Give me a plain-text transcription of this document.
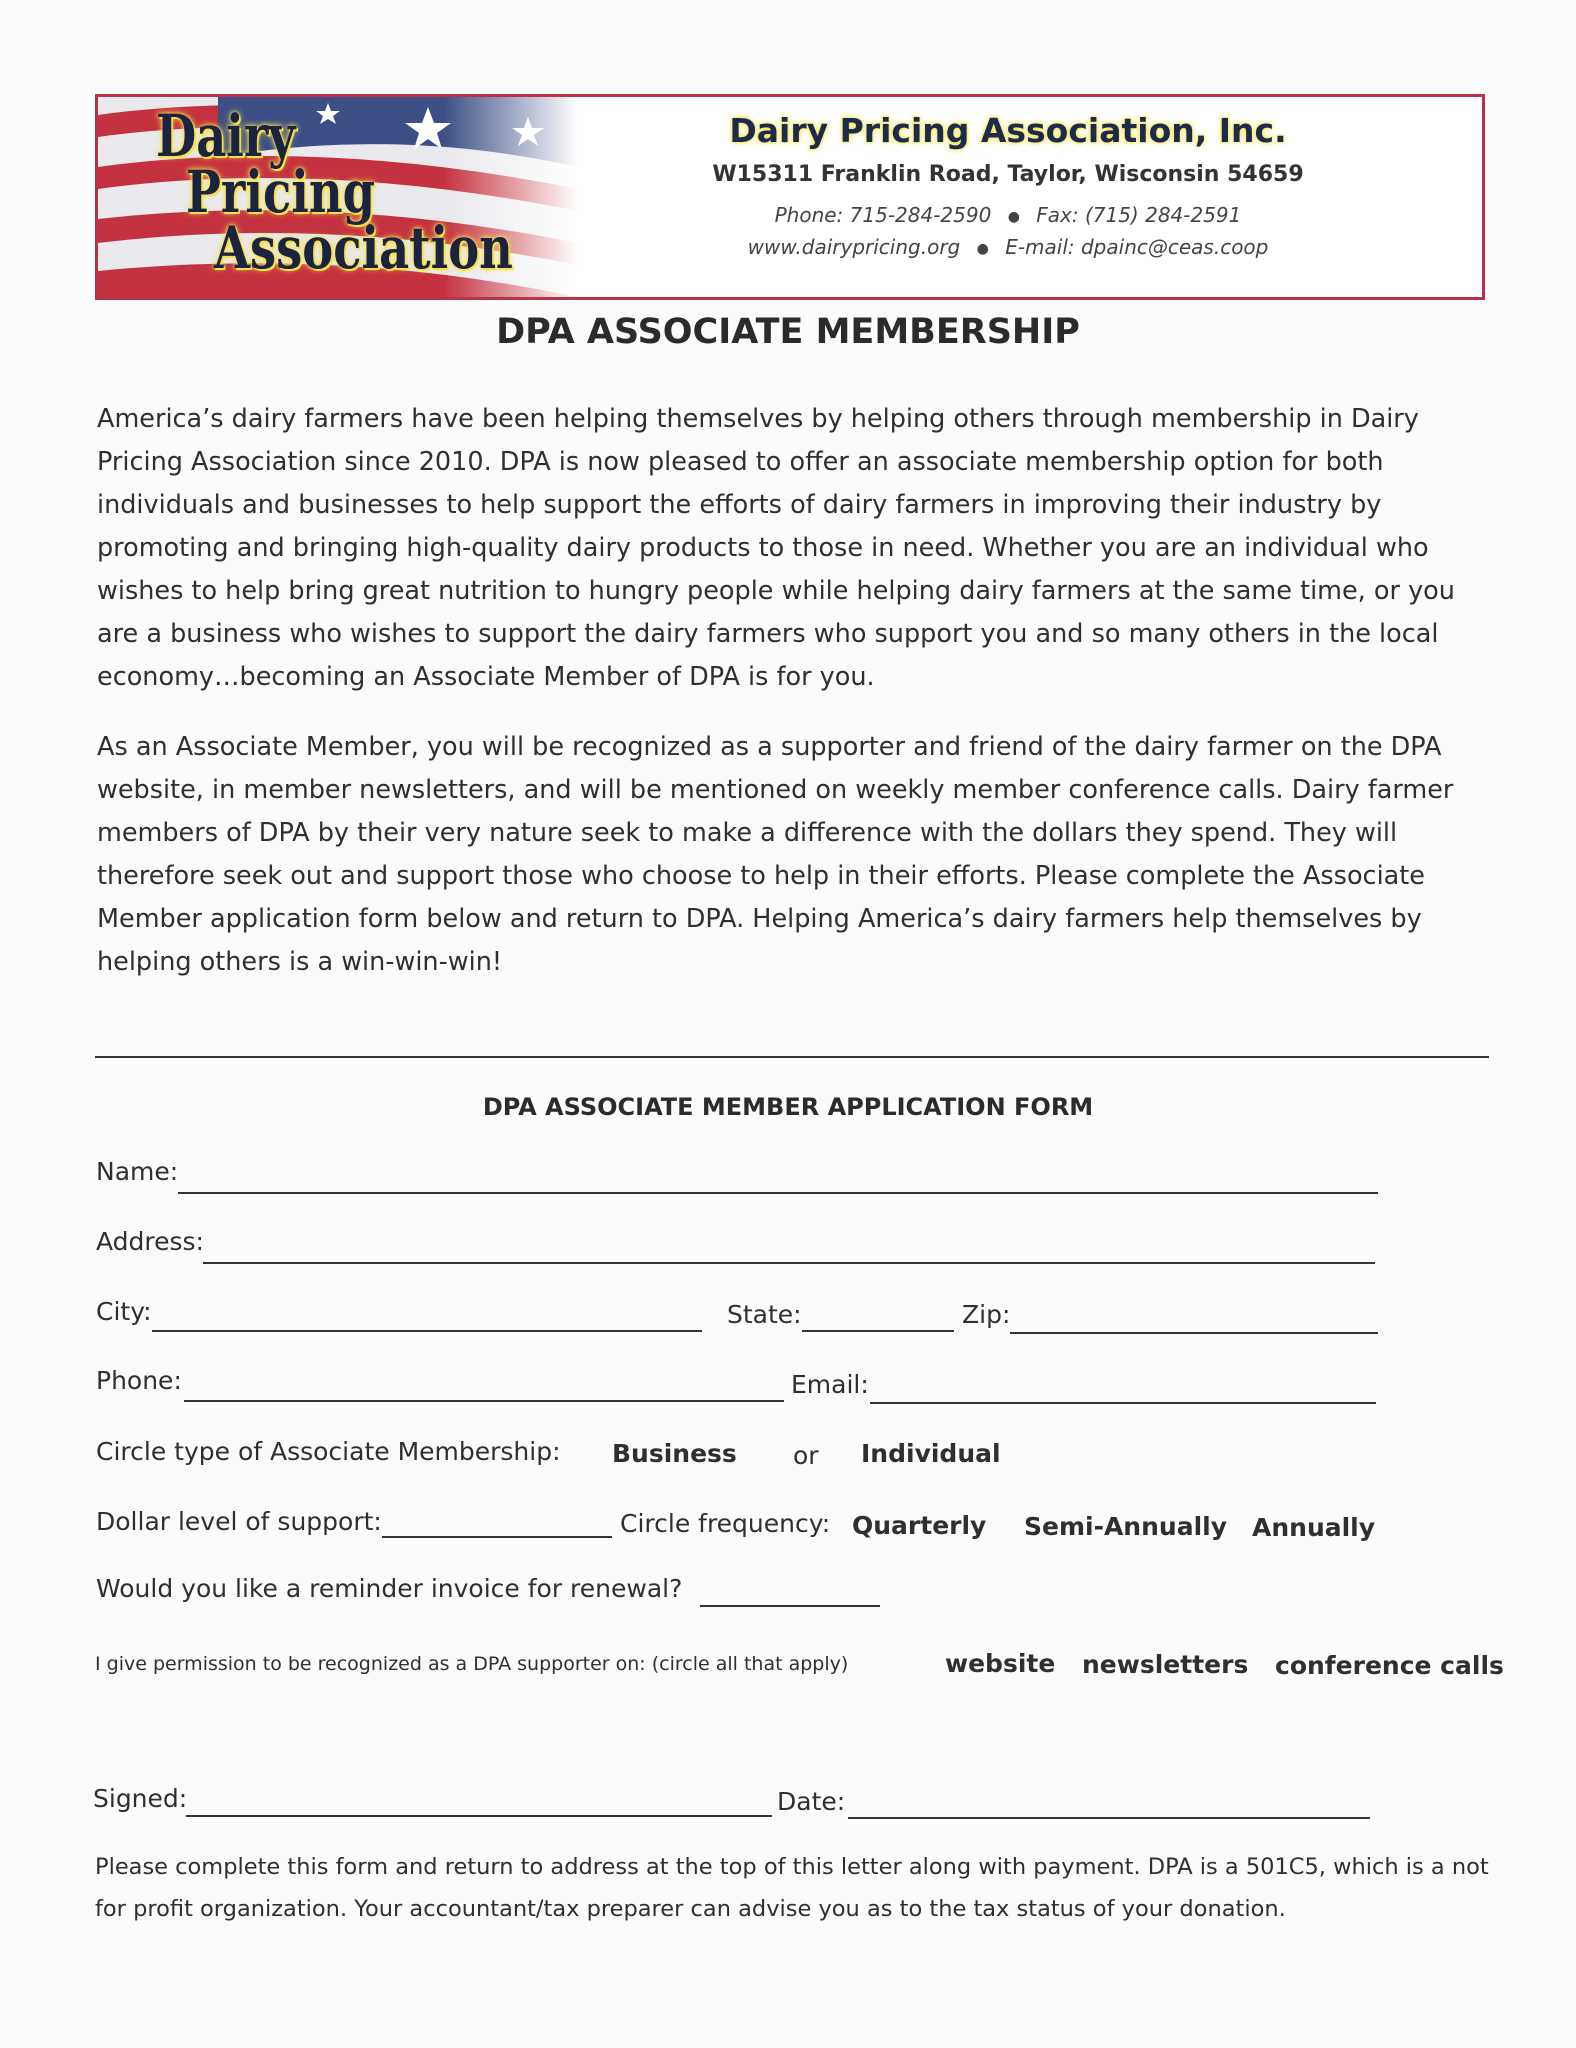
Dairy
Pricing
Association

Dairy Pricing Association, Inc.

W15311 Franklin Road, Taylor, Wisconsin 54659

Phone: 715-284-2590 ● Fax: (715) 284-2591

www.dairypricing.org ● E-mail: dpainc@ceas.coop

DPA ASSOCIATE MEMBERSHIP

America’s dairy farmers have been helping themselves by helping others through membership in Dairy Pricing Association since 2010. DPA is now pleased to offer an associate membership option for both individuals and businesses to help support the efforts of dairy farmers in improving their industry by promoting and bringing high-quality dairy products to those in need. Whether you are an individual who wishes to help bring great nutrition to hungry people while helping dairy farmers at the same time, or you are a business who wishes to support the dairy farmers who support you and so many others in the local economy…becoming an Associate Member of DPA is for you.

As an Associate Member, you will be recognized as a supporter and friend of the dairy farmer on the DPA website, in member newsletters, and will be mentioned on weekly member conference calls. Dairy farmer members of DPA by their very nature seek to make a difference with the dollars they spend. They will therefore seek out and support those who choose to help in their efforts. Please complete the Associate Member application form below and return to DPA. Helping America’s dairy farmers help themselves by helping others is a win-win-win!

DPA ASSOCIATE MEMBER APPLICATION FORM
Name:
Address:
City:	State:	Zip:
Phone:	Email:
Circle type of Associate Membership: Business or Individual
Dollar level of support:	Circle frequency: Quarterly Semi-Annually Annually
Would you like a reminder invoice for renewal?
I give permission to be recognized as a DPA supporter on: (circle all that apply)	website newsletters conference calls
Signed:	Date:

Please complete this form and return to address at the top of this letter along with payment. DPA is a 501C5, which is a not for profit organization. Your accountant/tax preparer can advise you as to the tax status of your donation.
